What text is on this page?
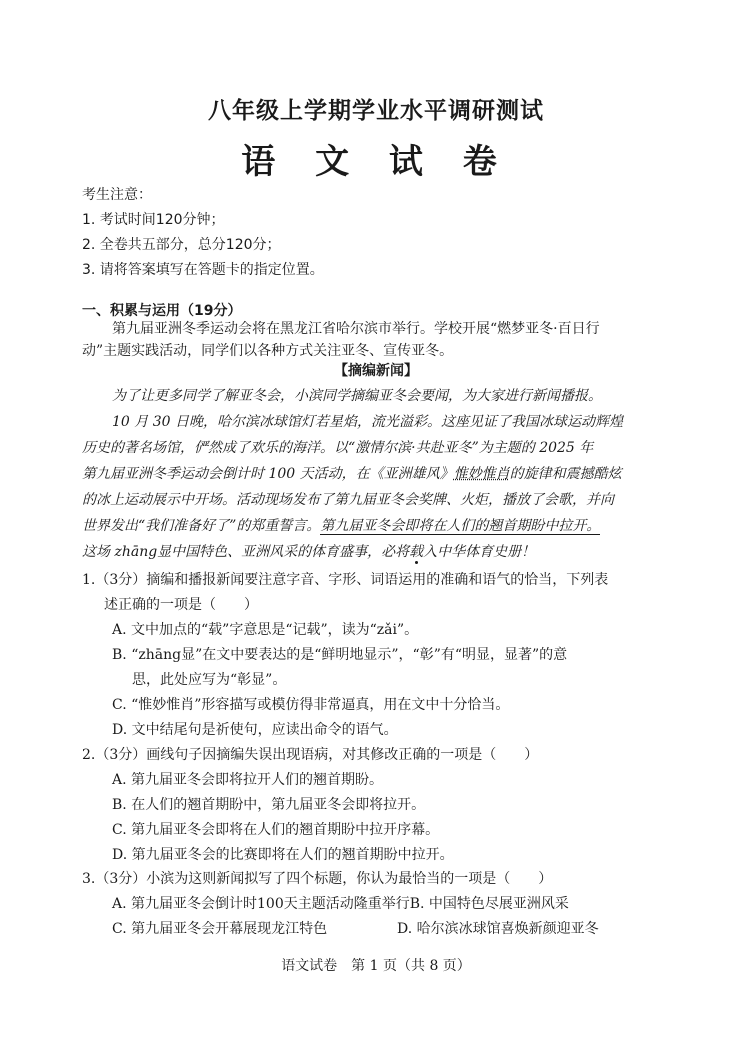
八年级上学期学业水平调研测试
语 文 试 卷
考生注意：
1. 考试时间120分钟；
2. 全卷共五部分，总分120分；
3. 请将答案填写在答题卡的指定位置。
一、积累与运用（19分）

第九届亚洲冬季运动会将在黑龙江省哈尔滨市举行。学校开展“燃梦亚冬·百日行

动”主题实践活动，同学们以各种方式关注亚冬、宣传亚冬。

【摘编新闻】
为了让更多同学了解亚冬会，小滨同学摘编亚冬会要闻，为大家进行新闻播报。
10 月 30 日晚，哈尔滨冰球馆灯若星焰，流光溢彩。这座见证了我国冰球运动辉煌
历史的著名场馆，俨然成了欢乐的海洋。以“激情尔滨·共赴亚冬”为主题的 2025 年
第九届亚洲冬季运动会倒计时 100 天活动，在《亚洲雄风》惟妙惟肖的旋律和震撼酷炫
的冰上运动展示中开场。活动现场发布了第九届亚冬会奖牌、火炬，播放了会歌，并向
世界发出“我们准备好了”的郑重誓言。第九届亚冬会即将在人们的翘首期盼中拉开。
这场 zhāng显中国特色、亚洲风采的体育盛事，必将载入中华体育史册！
1.（3分）摘编和播报新闻要注意字音、字形、词语运用的准确和语气的恰当，下列表
述正确的一项是（　　）
A. 文中加点的“载”字意思是“记载”，读为“zǎi”。
B. “zhāng显”在文中要表达的是“鲜明地显示”，“彰”有“明显，显著”的意
思，此处应写为“彰显”。
C. “惟妙惟肖”形容描写或模仿得非常逼真，用在文中十分恰当。
D. 文中结尾句是祈使句，应读出命令的语气。
2.（3分）画线句子因摘编失误出现语病，对其修改正确的一项是（　　）
A. 第九届亚冬会即将拉开人们的翘首期盼。
B. 在人们的翘首期盼中，第九届亚冬会即将拉开。
C. 第九届亚冬会即将在人们的翘首期盼中拉开序幕。
D. 第九届亚冬会的比赛即将在人们的翘首期盼中拉开。
3.（3分）小滨为这则新闻拟写了四个标题，你认为最恰当的一项是（　　）
A. 第九届亚冬会倒计时100天主题活动隆重举行 B. 中国特色尽展亚洲风采
C. 第九届亚冬会开幕展现龙江特色	D. 哈尔滨冰球馆喜焕新颜迎亚冬
语文试卷　第 1 页（共 8 页）
